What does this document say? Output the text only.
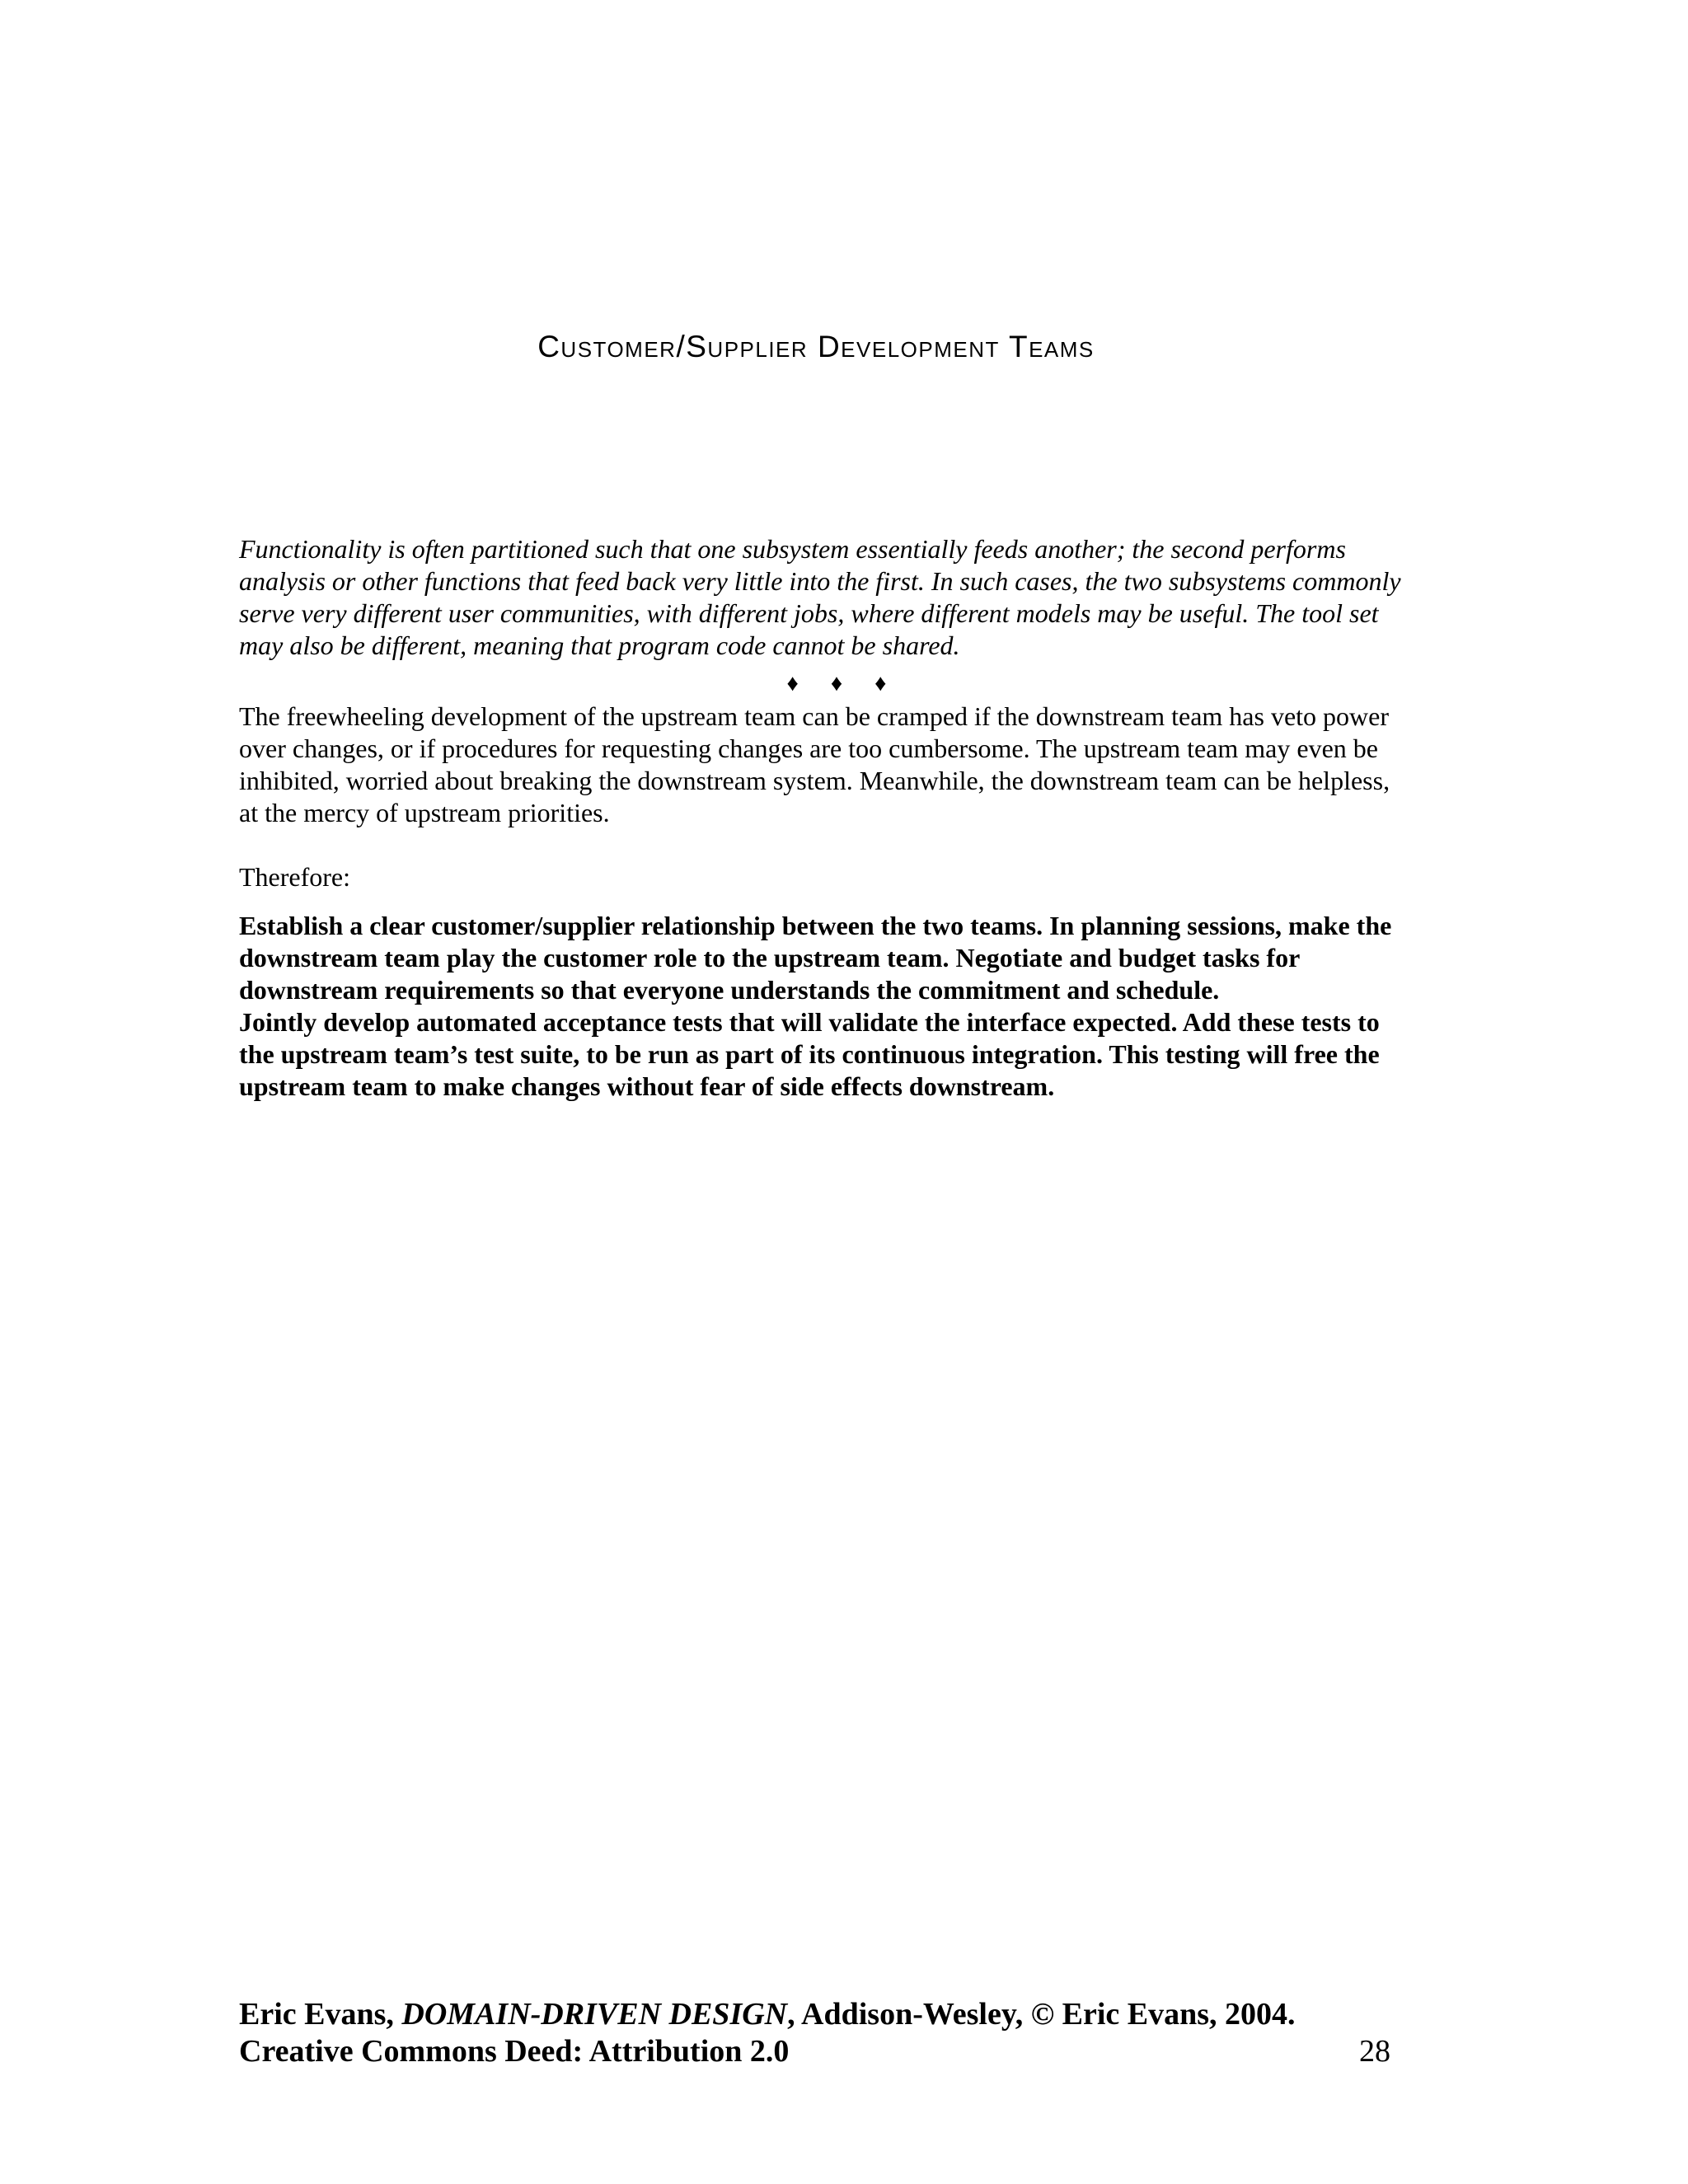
Customer/Supplier Development Teams

Functionality is often partitioned such that one subsystem essentially feeds another; the second performs analysis or other functions that feed back very little into the first. In such cases, the two subsystems commonly serve very different user communities, with different jobs, where different models may be useful. The tool set may also be different, meaning that program code cannot be shared.

♦ ♦ ♦

The freewheeling development of the upstream team can be cramped if the downstream team has veto power over changes, or if procedures for requesting changes are too cumbersome. The upstream team may even be inhibited, worried about breaking the downstream system. Meanwhile, the downstream team can be helpless, at the mercy of upstream priorities.

Therefore:

Establish a clear customer/supplier relationship between the two teams. In planning sessions, make the downstream team play the customer role to the upstream team. Negotiate and budget tasks for downstream requirements so that everyone understands the commitment and schedule.

Jointly develop automated acceptance tests that will validate the interface expected. Add these tests to the upstream team’s test suite, to be run as part of its continuous integration. This testing will free the upstream team to make changes without fear of side effects downstream.

Eric Evans, DOMAIN-DRIVEN DESIGN, Addison-Wesley, © Eric Evans, 2004.
Creative Commons Deed: Attribution 2.0	28
